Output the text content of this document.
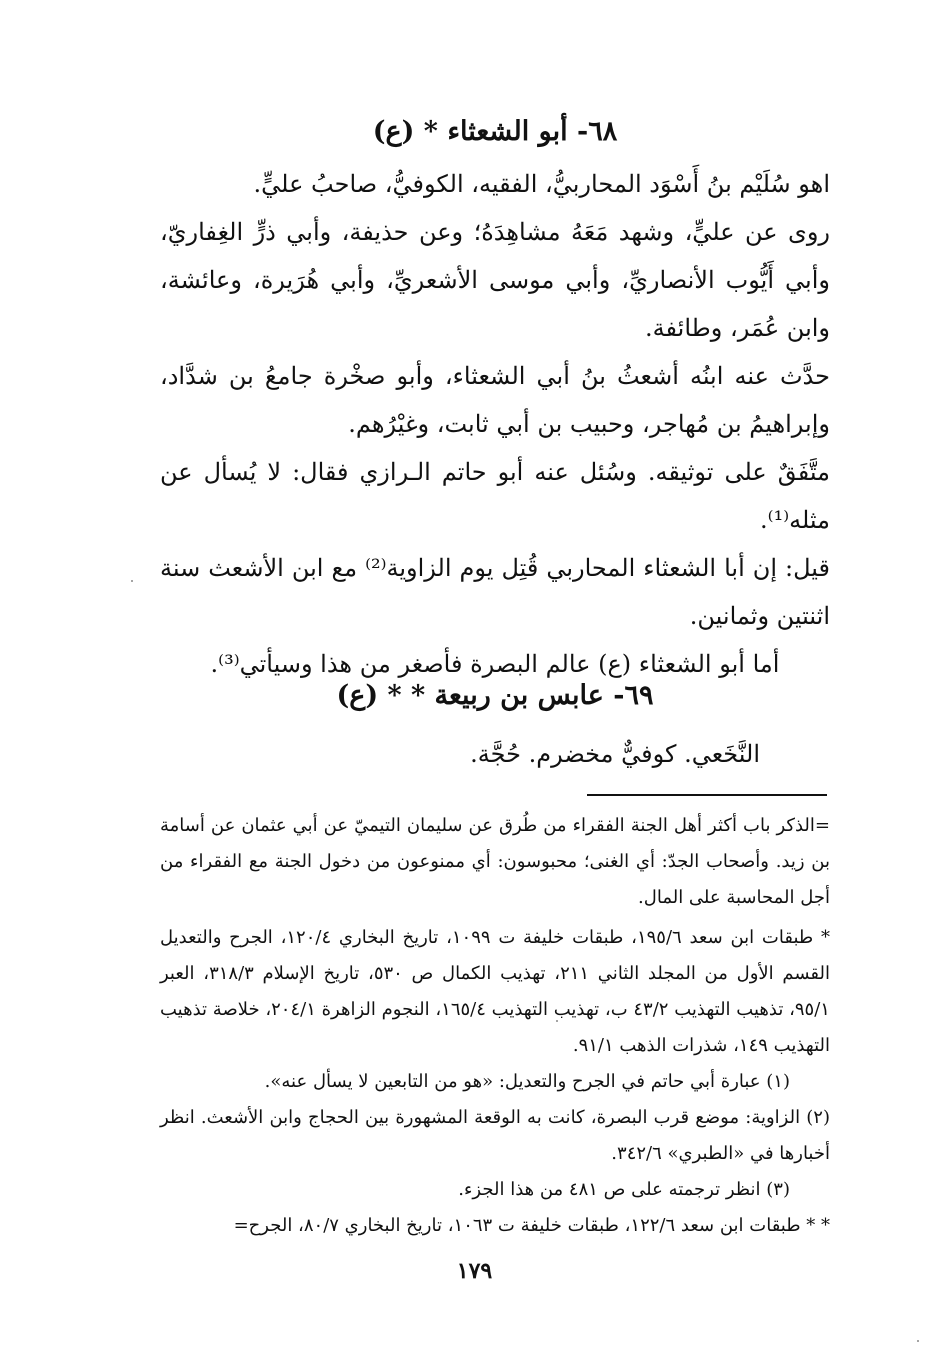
٦٨- أبو الشعثاء * (ع)

اهو سُلَيْم بنُ أَسْوَد المحاربيُّ، الفقيه، الكوفيُّ، صاحبُ عليٍّ.

روى عن عليٍّ، وشهد مَعَهُ مشاهِدَهُ؛ وعن حذيفة، وأبي ذرٍّ الغِفاريّ، وأبي أَيُّوب الأنصاريِّ، وأبي موسى الأشعريِّ، وأبي هُرَيرة، وعائشة، وابن عُمَر، وطائفة.

حدَّث عنه ابنُه أشعثُ بنُ أبي الشعثاء، وأبو صخْرة جامعُ بن شدَّاد، وإبراهيمُ بن مُهاجر، وحبيب بن أبي ثابت، وغيْرُهم.

متَّفَقٌ على توثيقه. وسُئل عنه أبو حاتم الـرازي فقال: لا يُسأل عن مثله⁽¹⁾.

قيل: إن أبا الشعثاء المحاربي قُتِل يوم الزاوية⁽²⁾ مع ابن الأشعث سنة اثنتين وثمانين.

أما أبو الشعثاء (ع) عالم البصرة فأصغر من هذا وسيأتي⁽³⁾.

٦٩- عابس بن ربيعة * * (ع)

النَّخَعي. كوفيٌّ مخضرم. حُجَّة.

=الذكر باب أكثر أهل الجنة الفقراء من طُرق عن سليمان التيميّ عن أبي عثمان عن أسامة بن زيد. وأصحاب الجدّ: أي الغنى؛ محبوسون: أي ممنوعون من دخول الجنة مع الفقراء من أجل المحاسبة على المال.

* طبقات ابن سعد ١٩٥/٦، طبقات خليفة ت ١٠٩٩، تاريخ البخاري ١٢٠/٤، الجرح والتعديل القسم الأول من المجلد الثاني ٢١١، تهذيب الكمال ص ٥٣٠، تاريخ الإسلام ٣١٨/٣، العبر ٩٥/١، تذهيب التهذيب ٤٣/٢ ب، تهذيب التهذيب ١٦٥/٤، النجوم الزاهرة ٢٠٤/١، خلاصة تذهيب التهذيب ١٤٩، شذرات الذهب ٩١/١.

(١) عبارة أبي حاتم في الجرح والتعديل: «هو من التابعين لا يسأل عنه».

(٢) الزاوية: موضع قرب البصرة، كانت به الوقعة المشهورة بين الحجاج وابن الأشعث. انظر أخبارها في «الطبري» ٣٤٢/٦.

(٣) انظر ترجمته على ص ٤٨١ من هذا الجزء.

* * طبقات ابن سعد ١٢٢/٦، طبقات خليفة ت ١٠٦٣، تاريخ البخاري ٨٠/٧، الجرح=

١٧٩
